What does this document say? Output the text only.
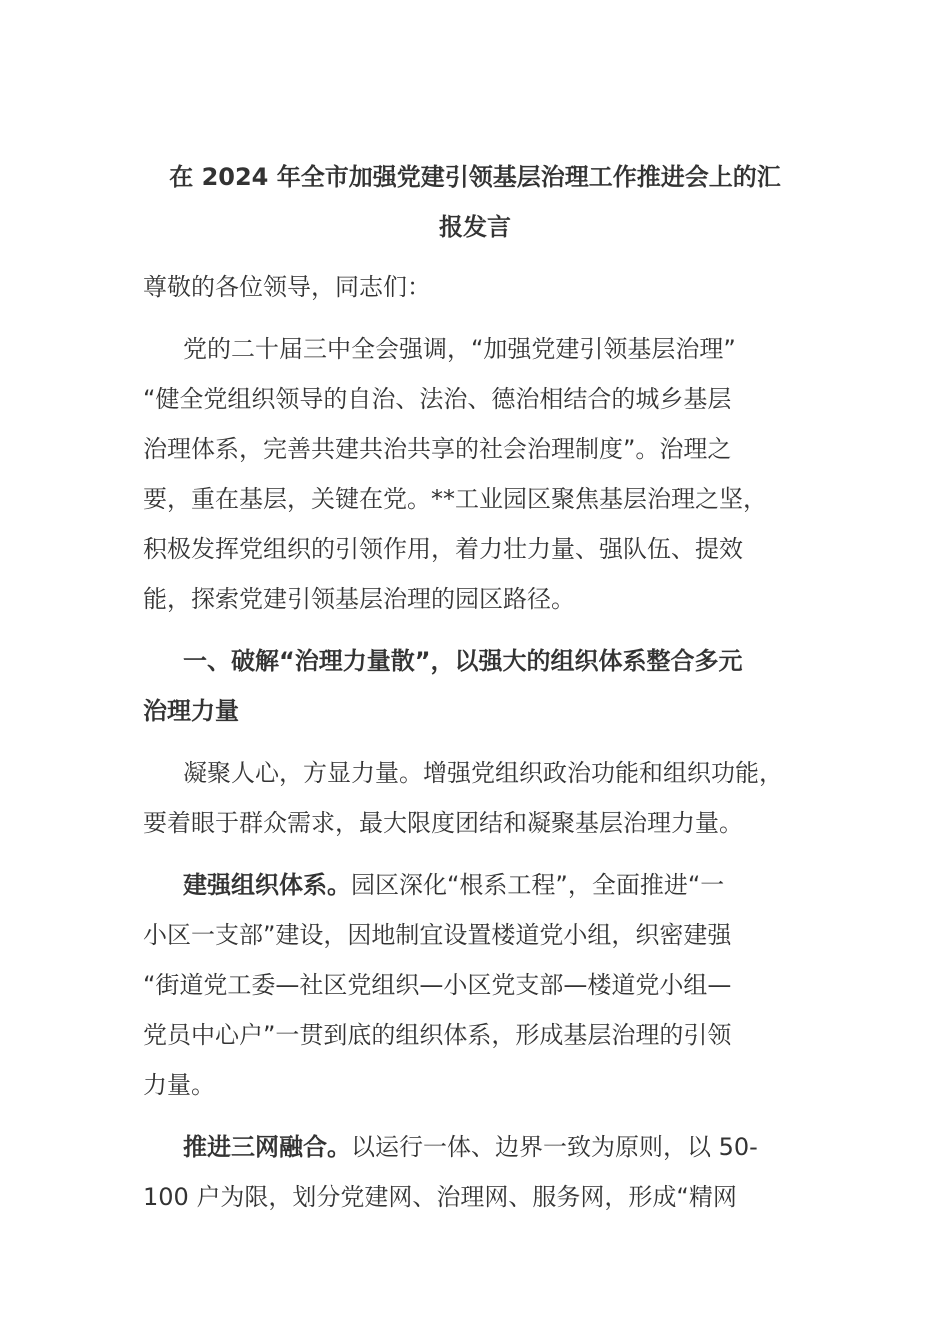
在 2024 年全市加强党建引领基层治理工作推进会上的汇
报发言

尊敬的各位领导，同志们：

党的二十届三中全会强调，“加强党建引领基层治理”
“健全党组织领导的自治、法治、德治相结合的城乡基层
治理体系，完善共建共治共享的社会治理制度”。治理之
要，重在基层，关键在党。**工业园区聚焦基层治理之坚，
积极发挥党组织的引领作用，着力壮力量、强队伍、提效
能，探索党建引领基层治理的园区路径。

一、破解“治理力量散”，以强大的组织体系整合多元
治理力量

凝聚人心，方显力量。增强党组织政治功能和组织功能，
要着眼于群众需求，最大限度团结和凝聚基层治理力量。

建强组织体系。园区深化“根系工程”，全面推进“一
小区一支部”建设，因地制宜设置楼道党小组，织密建强
“街道党工委—社区党组织—小区党支部—楼道党小组—
党员中心户”一贯到底的组织体系，形成基层治理的引领
力量。

推进三网融合。以运行一体、边界一致为原则，以 50-
100 户为限，划分党建网、治理网、服务网，形成“精网
